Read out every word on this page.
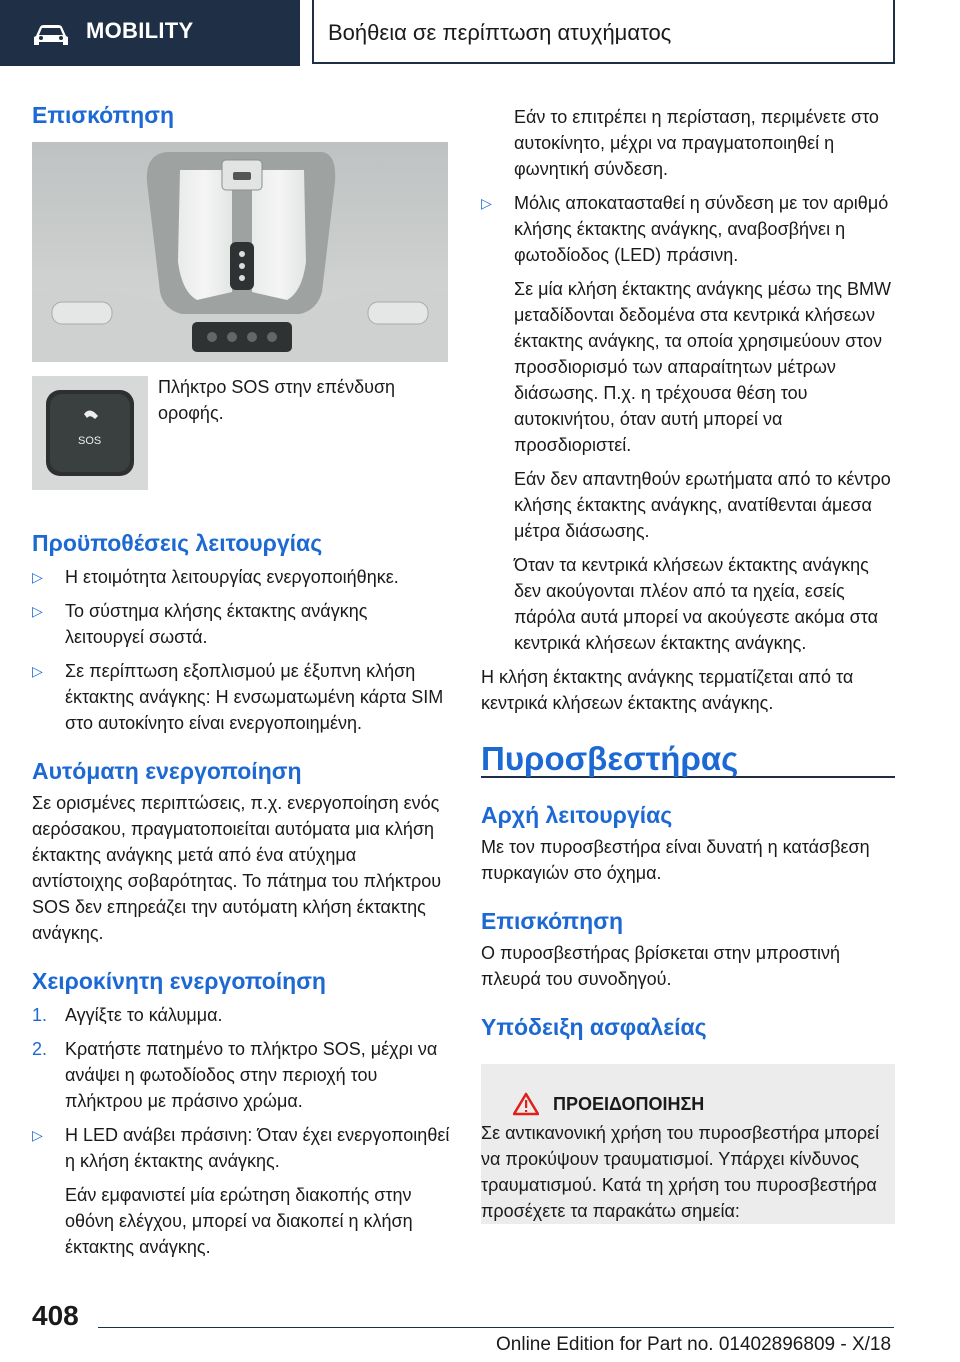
MOBILITY	Βοήθεια σε περίπτωση ατυχήματος
Επισκόπηση
SOS

Πλήκτρο SOS στην επένδυση οροφής.

Προϋποθέσεις λειτουργίας

▷ Η ετοιμότητα λειτουργίας ενεργοποιήθηκε.

▷ Το σύστημα κλήσης έκτακτης ανάγκης λειτουργεί σωστά.

▷ Σε περίπτωση εξοπλισμού με έξυπνη κλήση έκτακτης ανάγκης: Η ενσωματωμένη κάρτα SIM στο αυτοκίνητο είναι ενεργοποιημένη.

Αυτόματη ενεργοποίηση

Σε ορισμένες περιπτώσεις, π.χ. ενεργοποίηση ενός αερόσακου, πραγματοποιείται αυτόματα μια κλήση έκτακτης ανάγκης μετά από ένα ατύχημα αντίστοιχης σοβαρότητας. Το πάτημα του πλήκτρου SOS δεν επηρεάζει την αυτόματη κλήση έκτακτης ανάγκης.

Χειροκίνητη ενεργοποίηση

1. Αγγίξτε το κάλυμμα.

2. Κρατήστε πατημένο το πλήκτρο SOS, μέχρι να ανάψει η φωτοδίοδος στην περιοχή του πλήκτρου με πράσινο χρώμα.

▷ Η LED ανάβει πράσινη: Όταν έχει ενεργοποιηθεί η κλήση έκτακτης ανάγκης.

Εάν εμφανιστεί μία ερώτηση διακοπής στην οθόνη ελέγχου, μπορεί να διακοπεί η κλήση έκτακτης ανάγκης.

Εάν το επιτρέπει η περίσταση, περιμένετε στο αυτοκίνητο, μέχρι να πραγματοποιηθεί η φωνητική σύνδεση.

▷ Μόλις αποκατασταθεί η σύνδεση με τον αριθμό κλήσης έκτακτης ανάγκης, αναβοσβήνει η φωτοδίοδος (LED) πράσινη.

Σε μία κλήση έκτακτης ανάγκης μέσω της BMW μεταδίδονται δεδομένα στα κεντρικά κλήσεων έκτακτης ανάγκης, τα οποία χρησιμεύουν στον προσδιορισμό των απαραίτητων μέτρων διάσωσης. Π.χ. η τρέχουσα θέση του αυτοκινήτου, όταν αυτή μπορεί να προσδιοριστεί.

Εάν δεν απαντηθούν ερωτήματα από το κέντρο κλήσης έκτακτης ανάγκης, ανατίθενται άμεσα μέτρα διάσωσης.

Όταν τα κεντρικά κλήσεων έκτακτης ανάγκης δεν ακούγονται πλέον από τα ηχεία, εσείς πάρόλα αυτά μπορεί να ακούγεστε ακόμα στα κεντρικά κλήσεων έκτακτης ανάγκης.

Η κλήση έκτακτης ανάγκης τερματίζεται από τα κεντρικά κλήσεων έκτακτης ανάγκης.

Πυροσβεστήρας
Αρχή λειτουργίας

Με τον πυροσβεστήρα είναι δυνατή η κατάσβεση πυρκαγιών στο όχημα.

Επισκόπηση

Ο πυροσβεστήρας βρίσκεται στην μπροστινή πλευρά του συνοδηγού.

Υπόδειξη ασφαλείας
ΠΡΟΕΙΔΟΠΟΙΗΣΗ

Σε αντικανονική χρήση του πυροσβεστήρα μπορεί να προκύψουν τραυματισμοί. Υπάρχει κίνδυνος τραυματισμού. Κατά τη χρήση του πυροσβεστήρα προσέχετε τα παρακάτω σημεία:

408
Online Edition for Part no. 01402896809 - X/18
